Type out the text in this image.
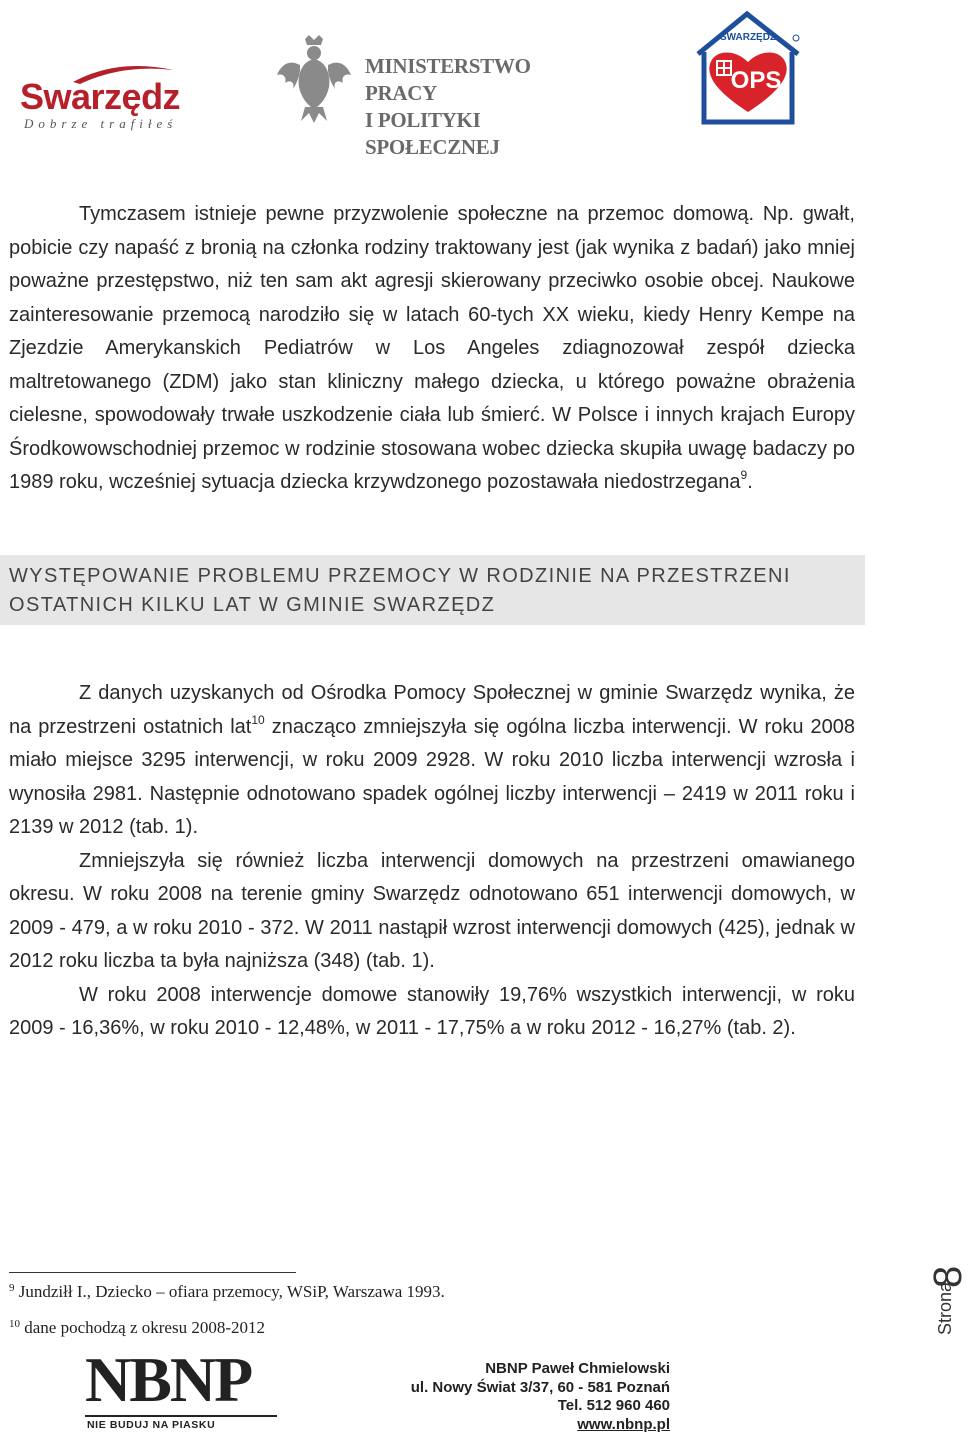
Swarzędz
Dobrze trafiłeś
MINISTERSTWO PRACY
I POLITYKI SPOŁECZNEJ
SWARZĘDZ
OPS

Tymczasem istnieje pewne przyzwolenie społeczne na przemoc domową. Np. gwałt, pobicie czy napaść z bronią na członka rodziny traktowany jest (jak wynika z badań) jako mniej poważne przestępstwo, niż ten sam akt agresji skierowany przeciwko osobie obcej. Naukowe zainteresowanie przemocą narodziło się w latach 60-tych XX wieku, kiedy Henry Kempe na Zjezdzie Amerykanskich Pediatrów w Los Angeles zdiagnozował zespół dziecka maltretowanego (ZDM) jako stan kliniczny małego dziecka, u którego poważne obrażenia cielesne, spowodowały trwałe uszkodzenie ciała lub śmierć. W Polsce i innych krajach Europy Środkowowschodniej przemoc w rodzinie stosowana wobec dziecka skupiła uwagę badaczy po 1989 roku, wcześniej sytuacja dziecka krzywdzonego pozostawała niedostrzegana$^9$.

WYSTĘPOWANIE PROBLEMU PRZEMOCY W RODZINIE NA PRZESTRZENI OSTATNICH KILKU LAT W GMINIE SWARZĘDZ

Z danych uzyskanych od Ośrodka Pomocy Społecznej w gminie Swarzędz wynika, że na przestrzeni ostatnich lat$^{10}$ znacząco zmniejszyła się ogólna liczba interwencji. W roku 2008 miało miejsce 3295 interwencji, w roku 2009 2928. W roku 2010 liczba interwencji wzrosła i wynosiła 2981. Następnie odnotowano spadek ogólnej liczby interwencji – 2419 w 2011 roku i 2139 w 2012 (tab. 1).

Zmniejszyła się również liczba interwencji domowych na przestrzeni omawianego okresu. W roku 2008 na terenie gminy Swarzędz odnotowano 651 interwencji domowych, w 2009 - 479, a w roku 2010 - 372. W 2011 nastąpił wzrost interwencji domowych (425), jednak w 2012 roku liczba ta była najniższa (348) (tab. 1).

W roku 2008 interwencje domowe stanowiły 19,76% wszystkich interwencji, w roku 2009 - 16,36%, w roku 2010 - 12,48%, w 2011 - 17,75% a w roku 2012 - 16,27% (tab. 2).

$^9$ Jundziłł I., Dziecko – ofiara przemocy, WSiP, Warszawa 1993.
$^{10}$ dane pochodzą z okresu 2008-2012	Strona
8
NBNP
NIE BUDUJ NA PIASKU
NBNP Paweł Chmielowski
ul. Nowy Świat 3/37, 60 - 581 Poznań
Tel. 512 960 460
www.nbnp.pl
